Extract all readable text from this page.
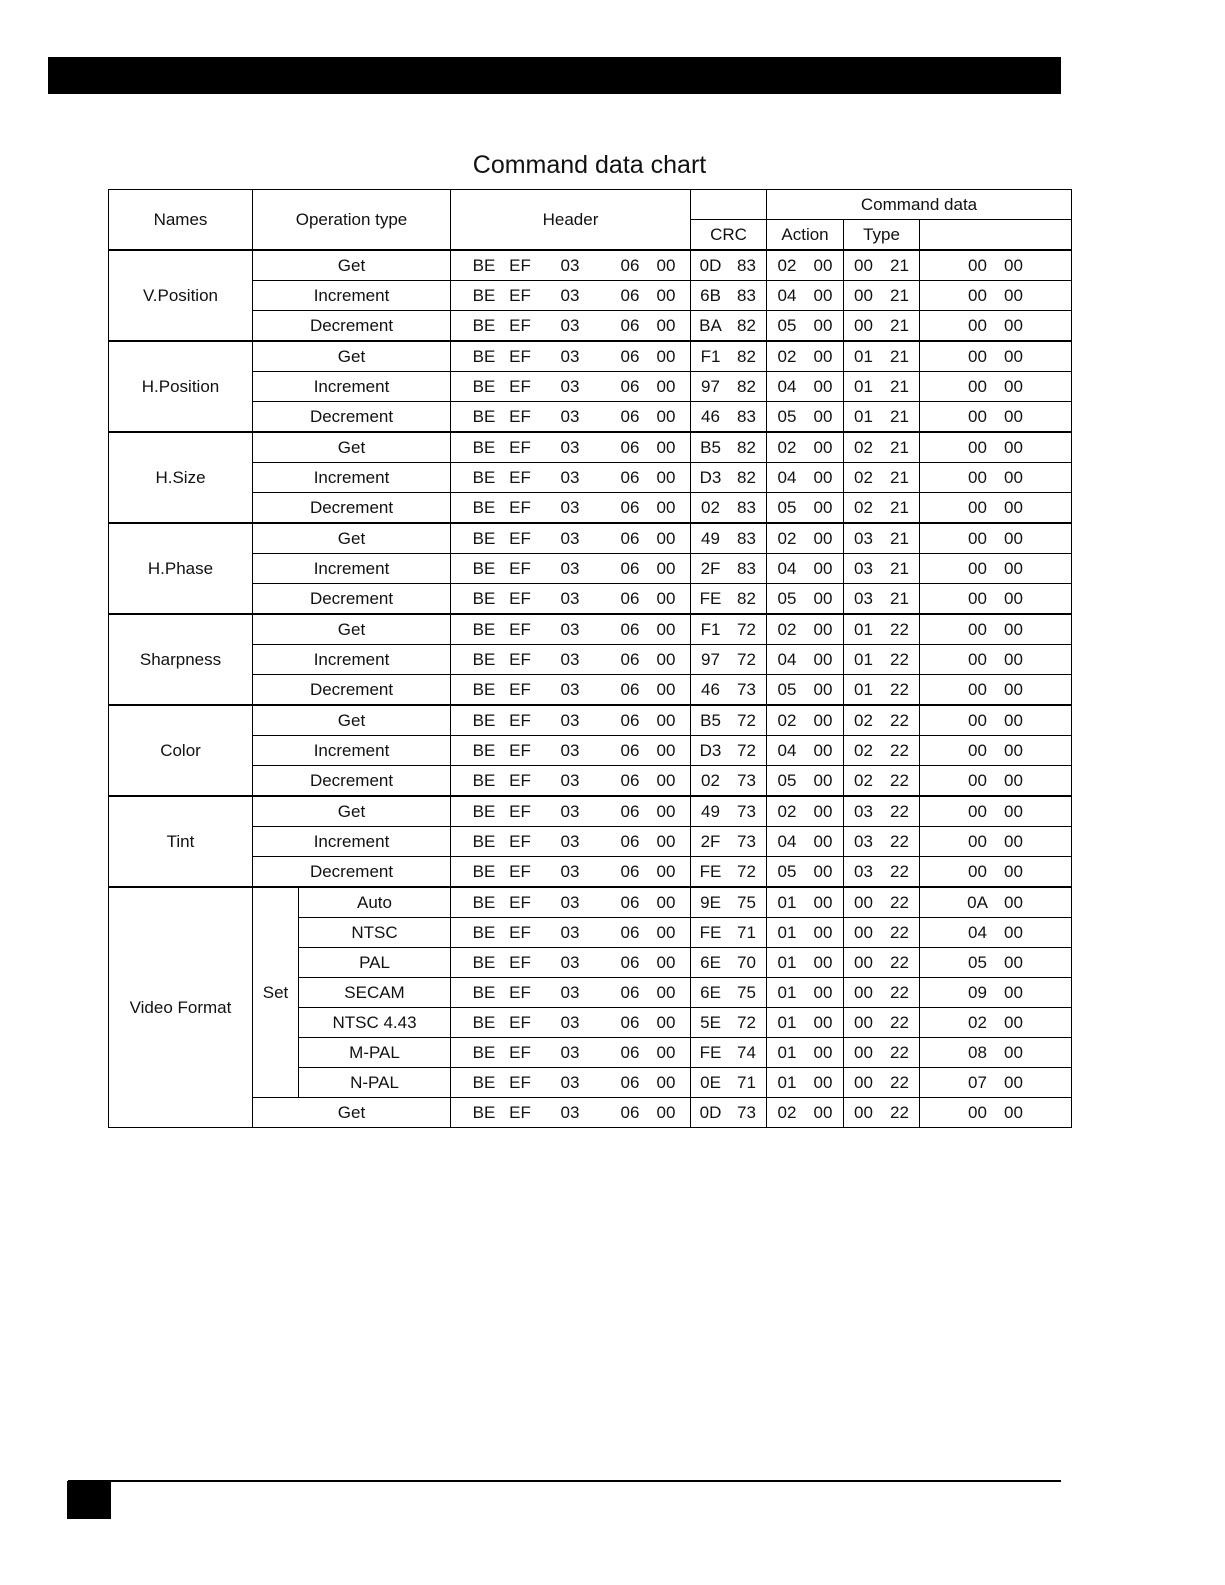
Command data chart
Names	Operation type		Header		Command data		
				CRC	Action	Type	
V.Position	Get		BE EF 03 06 00	0D 83	02 00	00 21	00 00
	Increment		BE EF 03 06 00	6B 83	04 00	00 21	00 00
	Decrement		BE EF 03 06 00	BA 82	05 00	00 21	00 00
H.Position	Get		BE EF 03 06 00	F1 82	02 00	01 21	00 00
	Increment		BE EF 03 06 00	97 82	04 00	01 21	00 00
	Decrement		BE EF 03 06 00	46 83	05 00	01 21	00 00
H.Size	Get		BE EF 03 06 00	B5 82	02 00	02 21	00 00
	Increment		BE EF 03 06 00	D3 82	04 00	02 21	00 00
	Decrement		BE EF 03 06 00	02 83	05 00	02 21	00 00
H.Phase	Get		BE EF 03 06 00	49 83	02 00	03 21	00 00
	Increment		BE EF 03 06 00	2F 83	04 00	03 21	00 00
	Decrement		BE EF 03 06 00	FE 82	05 00	03 21	00 00
Sharpness	Get		BE EF 03 06 00	F1 72	02 00	01 22	00 00
	Increment		BE EF 03 06 00	97 72	04 00	01 22	00 00
	Decrement		BE EF 03 06 00	46 73	05 00	01 22	00 00
Color	Get		BE EF 03 06 00	B5 72	02 00	02 22	00 00
	Increment		BE EF 03 06 00	D3 72	04 00	02 22	00 00
	Decrement		BE EF 03 06 00	02 73	05 00	02 22	00 00
Tint	Get		BE EF 03 06 00	49 73	02 00	03 22	00 00
	Increment		BE EF 03 06 00	2F 73	04 00	03 22	00 00
	Decrement		BE EF 03 06 00	FE 72	05 00	03 22	00 00
Video Format	Set	Auto	BE EF 03 06 00	9E 75	01 00	00 22	0A 00
		NTSC	BE EF 03 06 00	FE 71	01 00	00 22	04 00
		PAL	BE EF 03 06 00	6E 70	01 00	00 22	05 00
		SECAM	BE EF 03 06 00	6E 75	01 00	00 22	09 00
		NTSC 4.43	BE EF 03 06 00	5E 72	01 00	00 22	02 00
		M-PAL	BE EF 03 06 00	FE 74	01 00	00 22	08 00
		N-PAL	BE EF 03 06 00	0E 71	01 00	00 22	07 00
	Get		BE EF 03 06 00	0D 73	02 00	00 22	00 00
